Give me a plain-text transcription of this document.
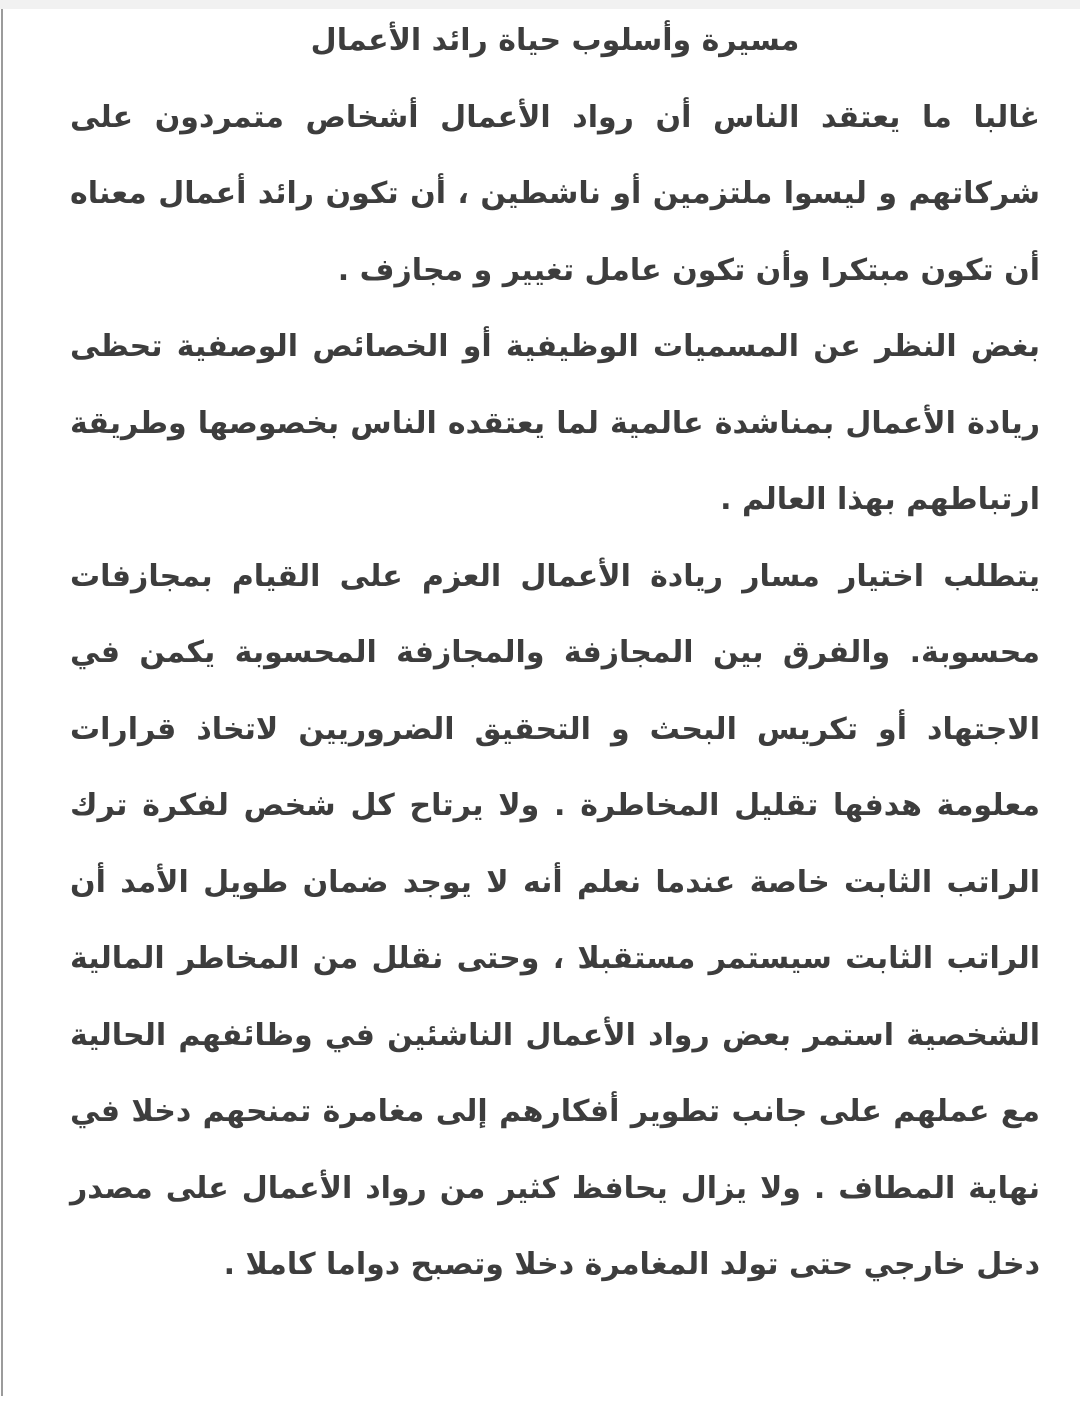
مسيرة وأسلوب حياة رائد الأعمال

غالبا ما يعتقد الناس أن رواد الأعمال أشخاص متمردون على شركاتهم و ليسوا ملتزمين أو ناشطين ، أن تكون رائد أعمال معناه أن تكون مبتكرا وأن تكون عامل تغيير و مجازف .

بغض النظر عن المسميات الوظيفية أو الخصائص الوصفية تحظى ريادة الأعمال بمناشدة عالمية لما يعتقده الناس بخصوصها وطريقة ارتباطهم بهذا العالم .

يتطلب اختيار مسار ريادة الأعمال العزم على القيام بمجازفات محسوبة. والفرق بين المجازفة والمجازفة المحسوبة يكمن في الاجتهاد أو تكريس البحث و التحقيق الضروريين لاتخاذ قرارات معلومة هدفها تقليل المخاطرة . ولا يرتاح كل شخص لفكرة ترك الراتب الثابت خاصة عندما نعلم أنه لا يوجد ضمان طويل الأمد أن الراتب الثابت سيستمر مستقبلا ، وحتى نقلل من المخاطر المالية الشخصية استمر بعض رواد الأعمال الناشئين في وظائفهم الحالية مع عملهم على جانب تطوير أفكارهم إلى مغامرة تمنحهم دخلا في نهاية المطاف . ولا يزال يحافظ كثير من رواد الأعمال على مصدر دخل خارجي حتى تولد المغامرة دخلا وتصبح دواما كاملا .
